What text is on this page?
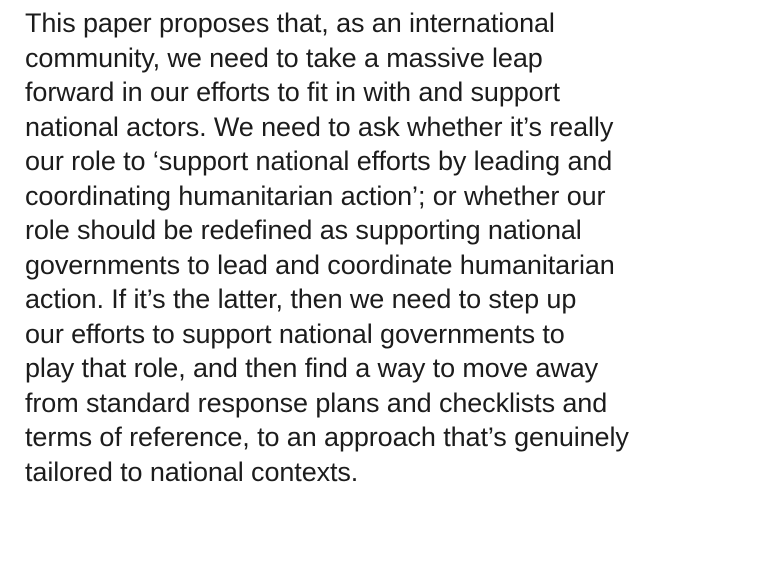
This paper proposes that, as an international
community, we need to take a massive leap
forward in our efforts to fit in with and support
national actors. We need to ask whether it’s really
our role to ‘support national efforts by leading and
coordinating humanitarian action’; or whether our
role should be redefined as supporting national
governments to lead and coordinate humanitarian
action. If it’s the latter, then we need to step up
our efforts to support national governments to
play that role, and then find a way to move away
from standard response plans and checklists and
terms of reference, to an approach that’s genuinely
tailored to national contexts.
